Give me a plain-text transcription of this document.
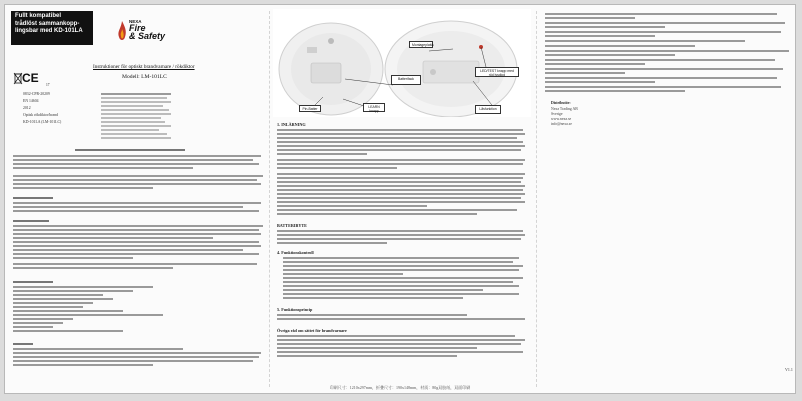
Fullt kompatibel
trådlöst sammankopp-
lingsbar med KD-101LA
NEXA
Fire
& Safety
Instruktioner för optiskt brandvarnare / rökdiktor
Modell: LM-101LC
CE 17
0832-CPR-20209
EN 14604
2012
Optisk rökdiktor/brand
KD-101LA (LM-101LC)
Montageplatta
Batterifack
LED/TEST knapp med röd lysdiod
Pin-Batter	LEARN knapp	Låsfunktion
1. INLÄRNING
BATTERIBYTE
4. Funktionskontroll
5. Funktionsprincip
Övriga råd om sättet för brandvarnare
Distributör:
Nexa Trading AB
Sverige
www.nexa.se
info@nexa.se
V1.1
印刷尺寸：1210x297mm，折叠尺寸：190x148mm，材质：80g双胶纸，双面印刷
